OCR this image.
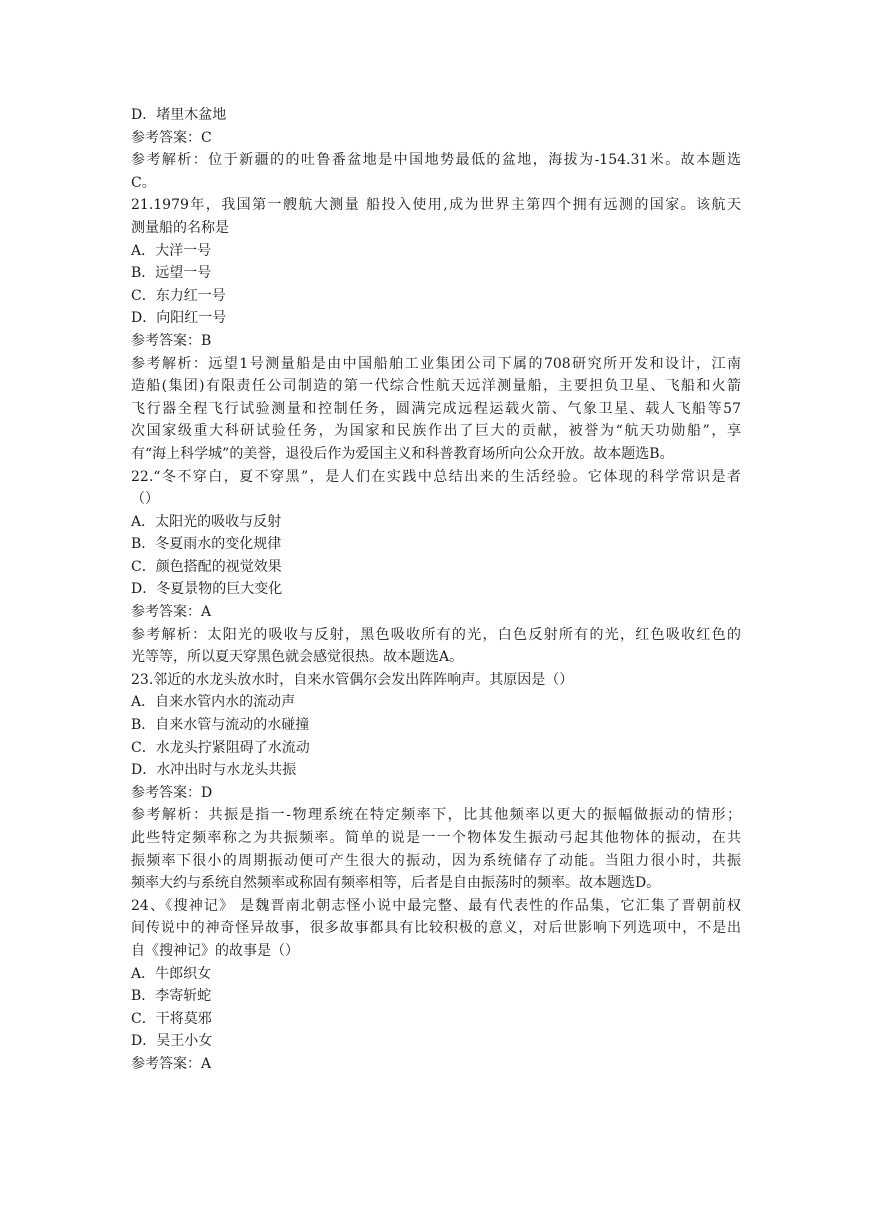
D．堵里木盆地
参考答案：C
参考解析：位于新疆的的吐鲁番盆地是中国地势最低的盆地，海拔为-154.31米。故本题选
C。
21.1979年，我国第一艘航大测量 船投入使用,成为世界主第四个拥有远测的国家。该航天
测量船的名称是
A．大洋一号
B．远望一号
C．东力红一号
D．向阳红一号
参考答案：B
参考解析：远望1号测量船是由中国船舶工业集团公司下属的708研究所开发和设计，江南
造船(集团)有限责任公司制造的第一代综合性航天远洋测量船，主要担负卫星、飞船和火箭
飞行器全程飞行试验测量和控制任务，圆满完成远程运载火箭、气象卫星、载人飞船等57
次国家级重大科研试验任务，为国家和民族作出了巨大的贡献，被誉为“航天功勋船”，享
有“海上科学城”的美誉，退役后作为爱国主义和科普教育场所向公众开放。故本题选B。
22.“冬不穿白，夏不穿黑”，是人们在实践中总结出来的生活经验。它体现的科学常识是者
（）
A．太阳光的吸收与反射
B．冬夏雨水的变化规律
C．颜色搭配的视觉效果
D．冬夏景物的巨大变化
参考答案：A
参考解析：太阳光的吸收与反射，黑色吸收所有的光，白色反射所有的光，红色吸收红色的
光等等，所以夏天穿黑色就会感觉很热。故本题选A。
23.邻近的水龙头放水时，自来水管偶尔会发出阵阵响声。其原因是（）
A．自来水管内水的流动声
B．自来水管与流动的水碰撞
C．水龙头拧紧阻碍了水流动
D．水冲出时与水龙头共振
参考答案：D
参考解析：共振是指一-物理系统在特定频率下，比其他频率以更大的振幅做振动的情形；
此些特定频率称之为共振频率。简单的说是一一个物体发生振动弓起其他物体的振动，在共
振频率下很小的周期振动便可产生很大的振动，因为系统储存了动能。当阻力很小时，共振
频率大约与系统自然频率或称固有频率相等，后者是自由振荡时的频率。故本题选D。
24、《搜神记》 是魏晋南北朝志怪小说中最完整、最有代表性的作品集，它汇集了晋朝前权
间传说中的神奇怪异故事，很多故事都具有比较积极的意义，对后世影响下列选项中，不是出
自《搜神记》的故事是（）
A．牛郎织女
B．李寄斩蛇
C．干将莫邪
D．吴王小女
参考答案：A
